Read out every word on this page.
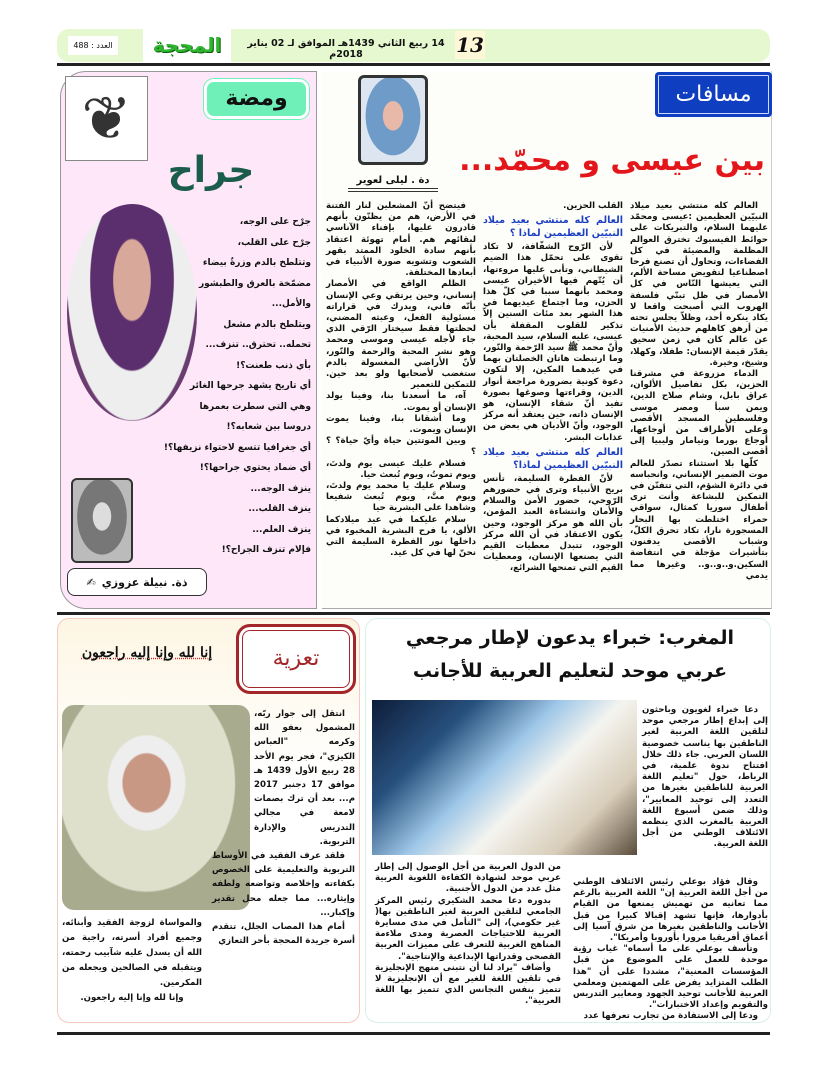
13
14 ربيع الثاني 1439هـ الموافق لـ 02 يناير 2018م
المحجة
العدد : 488
مسافات
بين عيسى و محمّد...
دة . ليلى لعوير

العالم كله منتشي بعيد ميلاد النبيّين العظيمين :عيسى ومحمّد عليهما السلام، والتبريكات على حوائط الفيسبوك تخترق العوالم المظلمة والمضيئة في كل الفضاءات، وتحاول أن تصنع فرحا اصطناعيا لتقويض مساحة الألم، التي يعيشها النّاس في كل الأمصار في ظل تبنّي فلسفة الهروب التي أصبحت واقعا لا يكاد ينكره أحد، وظلاّ يجلس تحته من أرهق كاهلهم حديث الأمنيات عن عالم كان في زمن سحيق يقدّر قيمة الإنسان: طفلا، وكهلا، وشيخ، وخيرة.

الدماء مزروعة في مشرقنا الحزين، بكل تفاصيل الألوان، عراق بابل، وشام صلاح الدين، ويمن سبأ ومصر موسى وفلسطين المسجد الأقصى وعلى الأطراف من أوجاعها، أوجاع بورما ونيامار وليبيا إلى أقصى الصين.

كلّها بلا استثناء تصدّر للعالم موت الضمير الإنساني، وانحباسه في دائرة الشؤم، التي تتفنّن في التمكين للبشاعة وأنت ترى أطفال سوريا كمثال، سواقي حمراء اختلطت بها البحار المسجورة نارا، تكاد تحرق الكلّ، وشباب الأقصى يدفنون بتأشيرات مؤجلة في انتفاضة السكين.و..و..و.. وغيرها مما يدمي

القلب الحزين.
العالم كله منتشي بعيد ميلاد النبيّين العظيمين لماذا ؟

لأن الرّوح الشفّافة، لا تكاد تقوى على تحمّل هذا الضيم الشيطاني، وتأبى عليها مروءتها، أن يُتّهم فيها الأخيران عيسى ومحمد بأنهما سببا في كلّ هذا الحزن، وما اجتماع عيديهما في هذا الشهر بعد مئات السنين إلاّ تذكير للقلوب المقفلة بأن عيسى، عليه السلام، سيد المحبة، وأنّ محمد ﷺ سيد الرّحمة والنّور، وما ارتبطت هاتان الخصلتان بهما في عيدهما المكين، إلا لتكون دعوة كونية بضرورة مراجعة أنوار الدين، وقراءتها وصوغها بصورة تفيد أنّ شقاء الإنسان، هو الإنسان ذاته، حين يعتقد أنه مركز الوجود، وأنّ الأديان هي بعض من عذابات البشر.

العالم كله منتشي بعيد ميلاد النبيّين العظيمين لماذا؟

لأنّ الفطرة السليمة، تأنس بريح الأنبياء وترى في حضورهم الرّوحي، حضور الأمن والسلام والأمان وانتشاءة العبد المؤمن، بأن الله هو مركز الوجود، وحين يكون الاعتقاد في أن الله مركز الوجود، تتبدل معطيات القيم التي يصنعها الإنسان، ومعطيات القيم التي تمنحها الشرائع،

فيتضح أنّ المشعلين لنار الفتنة في الأرض، هم من يظنّون بأنهم قادرون عليها، بإفناء الآناسي لبقائهم هم. أمام تهوئة اعتقاد بأنهم سادة الخلود الممتد بقهر الشعوب وتشويه صورة الأنبياء في أبعادها المختلفة.

الظلم الواقع في الأمصار إنساني، وحين يرتقي وعي الإنسان بأنّه فاني، ويدرك في قراراته مسئولية الفعل، وعبثه المضني، لحظتها فقط سيختار الرّقي الذي جاء لأجله عيسى وموسى ومحمد وهو نشر المحبة والرحمة والنّور، لأنّ الأراضي المغسولة بالدم ستغضب لأصحابها ولو بعد حين. للتمكين للتعمير

آه، ما أسعدنا بنا، وفينا يولد الإنسان أو يموت.

وما أشقانا بنا، وفينا يموت الإنسان ويموت.

وبين الموتتين حياة وأيّ حياة؟ ؟ ؟

فسلام عليك عيسى يوم ولدتَ، ويوم تموتُ، ويوم تُبعث حيا.

وسلام عليك يا محمد يوم ولدتَ، ويوم متَّ، ويوم تُبعث شفيعا وشاهدا على البشرية حيا

سلام عليكما في عيد ميلادكما الألق، يا فرح البشرية المخبوء في داخلها نور الفطرة السليمة التي نحنّ لها في كل عيد.

❦	ومضة
جراح
جرْح على الوجه،
جرْح على القلب،
وتتلطخ بالدم وزرةٌ بيضاء
مضمّخة بالعرق والطبشور
والأمل...
ويتلطخ بالدم مشعل تحمله.. تحترق.. تنزف...
بأي ذنب طعنت؟!
أي تاريخ يشهد جرحها الغائر وهي التي سطرت بعمرها دروسا بين شعابه؟!
أي جغرافيا تتسع لاحتواء نزيفها؟!
أي ضماد يحتوي جراحها؟!
ينزف الوجه...
ينزف القلب...
ينزف العلم...
فإلام تنزف الجراح؟!
ذة. نبيلة عزوزي
✍
المغرب: خبراء يدعون لإطار مرجعي عربي موحد لتعليم العربية للأجانب

دعا خبراء لغويون وباحثون إلى إبداع إطار مرجعي موحد لتلقين اللغة العربية لغير الناطقين بها يناسب خصوصية اللسان العربي. جاء ذلك خلال افتتاح ندوة علمية، في الرباط، حول "تعليم اللغة العربية للناطقين بغيرها من التعدد إلى توحيد المعايير"، وذلك ضمن أسبوع اللغة العربية بالمغرب الذي ينظمه الائتلاف الوطني من أجل اللغة العربية.

وقال فؤاد بوعلي رئيس الائتلاف الوطني من أجل اللغة العربية إن" اللغة العربية بالرغم مما تعانيه من تهميش يمنعها من القيام بأدوارها، فإنها تشهد إقبالا كبيرا من قبل الأجانب والناطقين بغيرها من شرق آسيا إلى أعماق أفريقيا مرورا بأوروبا وأمريكا".

وتأسف بوعلي على ما أسماه" غياب رؤية موحدة للعمل على الموضوع من قبل المؤسسات المعنية"، مشددا على أن "هذا الطلب المتزايد يفرض على المهتمين ومعلمي العربية للأجانب توحيد الجهود ومعايير التدريس والتقويم وإعداد الاختبارات".

ودعا إلى الاستفادة من تجارب تعرفها عدد

من الدول العربية من أجل الوصول إلى إطار عربي موحد لشهادة الكفاءة اللغوية العربية مثل عدد من الدول الأجنبية.

بدوره دعا محمد الشكيري رئيس المركز الجامعي لتلقين العربية لغير الناطقين بها( غير حكومي)، إلى "التأمل في مدى مسايرة العربية للاحتياجات العصرية ومدى ملاءمة المناهج الغربية للتعرف على مميزات العربية الفصحى وقدراتها الإبداعية والإنتاجية".

وأضاف "يراد لنا أن نتبنى منهج الإنجليزية في تلقين اللغة للغير مع أن الإنجليزية لا تتميز بنفس التجانس الذي تتميز بها اللغة العربية".

تعزية
إنا لله وإنا إليه راجعون

انتقل إلى جوار ربّه، المشمول بعفو الله وكرمه "العباس الكيزي"، فجر يوم الأحد 28 ربيع الأول 1439 هـ موافق 17 دجنبر 2017 م... بعد أن ترك بصمات لامعة في مجالي التدريس والإدارة التربوية.

فلقد عرف الفقيد في الأوساط التربوية والتعليمية على الخصوص بكفاءته وإخلاصه وتواضعه ولطفه وإيثاره... مما جعله محل تقدير وإكبار...

أمام هذا المصاب الجلل، تتقدم أسرة جريدة المحجة بأحر التعازي

والمواساة لزوجة الفقيد وأبنائه، وجميع أفراد أسرته، راجية من الله أن يسدل عليه شآبيب رحمته، ويتقبله في الصالحين ويجعله من المكرمين.
وإنا لله وإنا إليه راجعون.
